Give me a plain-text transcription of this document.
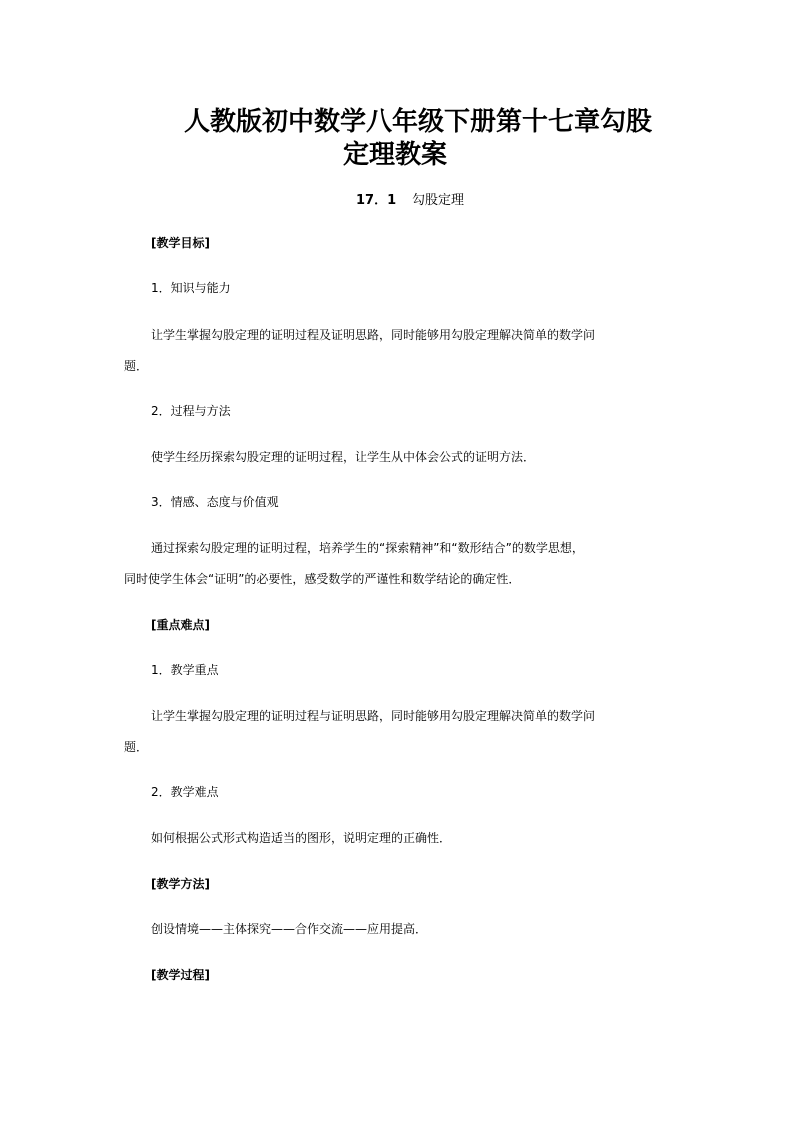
人教版初中数学八年级下册第十七章勾股
定理教案
17．1 勾股定理
[教学目标]
1．知识与能力
让学生掌握勾股定理的证明过程及证明思路，同时能够用勾股定理解决简单的数学问
题．
2．过程与方法
使学生经历探索勾股定理的证明过程，让学生从中体会公式的证明方法．
3．情感、态度与价值观
通过探索勾股定理的证明过程，培养学生的“探索精神”和“数形结合”的数学思想，
同时使学生体会“证明”的必要性，感受数学的严谨性和数学结论的确定性．
[重点难点]
1．教学重点
让学生掌握勾股定理的证明过程与证明思路，同时能够用勾股定理解决简单的数学问
题．
2．教学难点
如何根据公式形式构造适当的图形，说明定理的正确性．
[教学方法]
创设情境——主体探究——合作交流——应用提高．
[教学过程]
